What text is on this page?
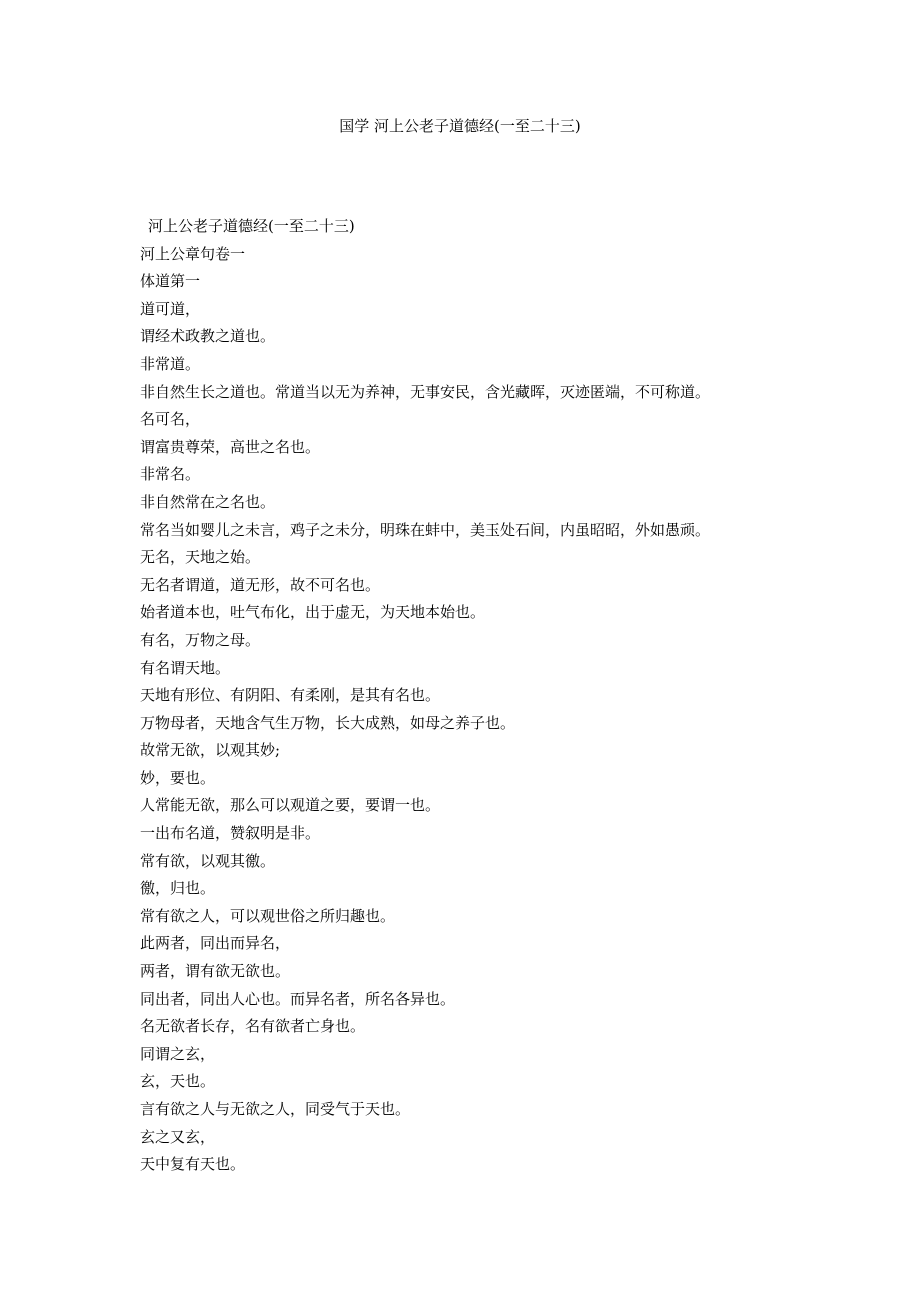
国学 河上公老子道德经(一至二十三)
河上公老子道德经(一至二十三)
河上公章句卷一
体道第一
道可道，
谓经术政教之道也。
非常道。
非自然生长之道也。常道当以无为养神，无事安民，含光藏晖，灭迹匿端，不可称道。
名可名，
谓富贵尊荣，高世之名也。
非常名。
非自然常在之名也。
常名当如婴儿之未言，鸡子之未分，明珠在蚌中，美玉处石间，内虽昭昭，外如愚顽。
无名，天地之始。
无名者谓道，道无形，故不可名也。
始者道本也，吐气布化，出于虚无，为天地本始也。
有名，万物之母。
有名谓天地。
天地有形位、有阴阳、有柔刚，是其有名也。
万物母者，天地含气生万物，长大成熟，如母之养子也。
故常无欲，以观其妙;
妙，要也。
人常能无欲，那么可以观道之要，要谓一也。
一出布名道，赞叙明是非。
常有欲，以观其徼。
徼，归也。
常有欲之人，可以观世俗之所归趣也。
此两者，同出而异名，
两者，谓有欲无欲也。
同出者，同出人心也。而异名者，所名各异也。
名无欲者长存，名有欲者亡身也。
同谓之玄，
玄，天也。
言有欲之人与无欲之人，同受气于天也。
玄之又玄，
天中复有天也。
